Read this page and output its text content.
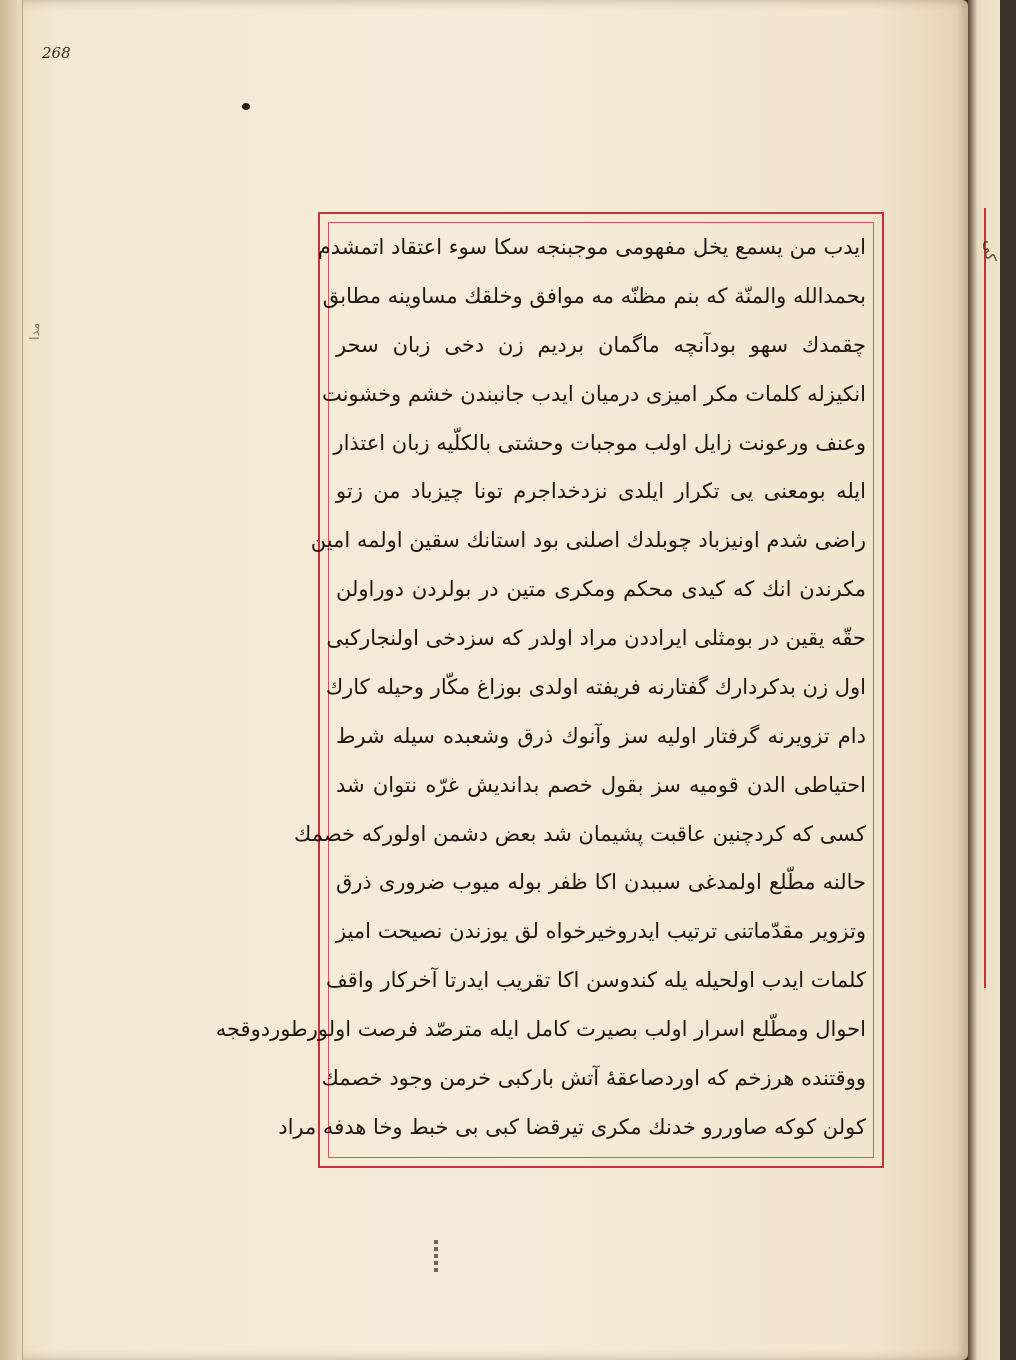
268
مدا
ایدب من یسمع یخل مفهومی موجبنجه سکا سوء اعتقاد اتمشدم
بحمدالله والمنّة که بنم مظنّه مه موافق وخلقك مساوینه مطابق
چقمدك سهو بودآنچه ماگمان بردیم زن دخی زبان سحر
انکیزله کلمات مکر امیزی درمیان ایدب جانبندن خشم وخشونت
وعنف ورعونت زایل اولب موجبات وحشتی بالکلّیه زبان اعتذار
ایله بومعنی یی تکرار ایلدی نزدخداجرم تونا چیزباد من زتو
راضی شدم اونیزباد چوبلدك اصلنی بود استانك سقین اولمه امین
مکرندن انك که کیدی محکم ومکری متین در بولردن دوراولن
حقّه یقین در بومثلی ایراددن مراد اولدر که سزدخی اولنجارکبی
اول زن بدکردارك گفتارنه فریفته اولدی بوزاغ مکّار وحیله کارك
دام تزویرنه گرفتار اولیه سز وآنوك ذرق وشعبده سیله شرط
احتیاطی الدن قومیه سز بقول خصم بداندیش غرّه نتوان شد
کسی که کردچنین عاقبت پشیمان شد بعض دشمن اولورکه خصمك
حالنه مطّلع اولمدغی سببدن اکا ظفر بوله میوب ضروری ذرق
وتزویر مقدّماتنی ترتیب ایدروخیرخواه لق یوزندن نصیحت امیز
کلمات ایدب اولحیله یله کندوسن اکا تقریب ایدرتا آخرکار واقف
احوال ومطّلع اسرار اولب بصیرت کامل ایله مترصّد فرصت اولورطوردوقجه
ووقتنده هرزخم که اوردصاعقهٔ آتش بارکبی خرمن وجود خصمك
کولن کوکه صاوررو خدنك مکری تیرقضا کبی بی خبط وخا هدفه مراد
کی
